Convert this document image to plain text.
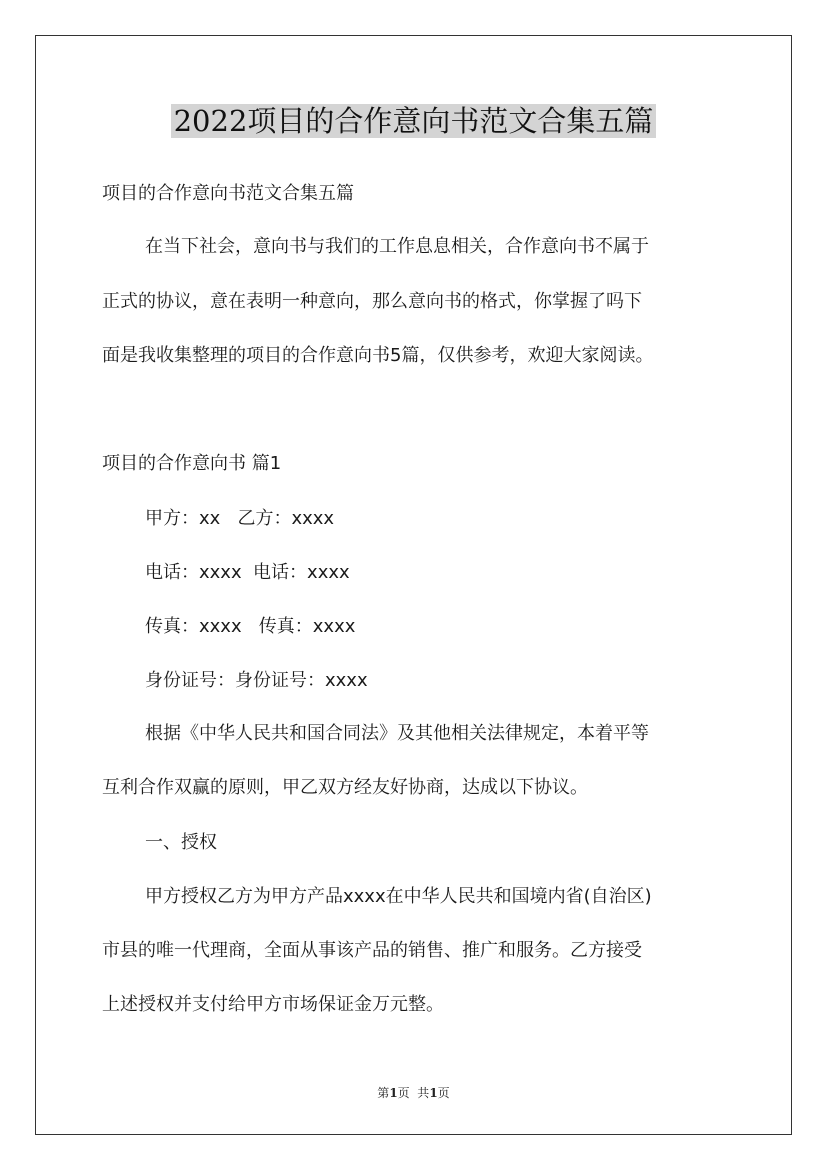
2022项目的合作意向书范文合集五篇
项目的合作意向书范文合集五篇
在当下社会，意向书与我们的工作息息相关，合作意向书不属于
正式的协议，意在表明一种意向，那么意向书的格式，你掌握了吗下
面是我收集整理的项目的合作意向书5篇，仅供参考，欢迎大家阅读。
项目的合作意向书 篇1
甲方：xx   乙方：xxxx
电话：xxxx  电话：xxxx
传真：xxxx   传真：xxxx
身份证号：身份证号：xxxx
根据《中华人民共和国合同法》及其他相关法律规定，本着平等
互利合作双赢的原则，甲乙双方经友好协商，达成以下协议。
一、授权
甲方授权乙方为甲方产品xxxx在中华人民共和国境内省(自治区)
市县的唯一代理商，全面从事该产品的销售、推广和服务。乙方接受
上述授权并支付给甲方市场保证金万元整。
第1页  共1页
